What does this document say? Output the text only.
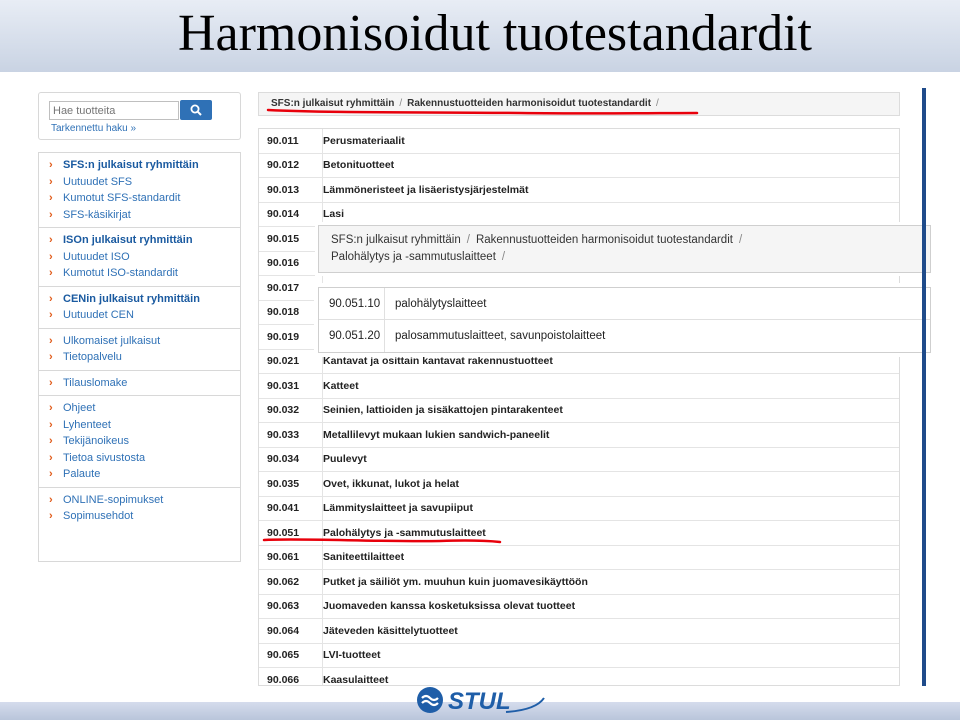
Harmonisoidut tuotestandardit
Hae tuotteita
Tarkennettu haku »
› SFS:n julkaisut ryhmittäin
› Uutuudet SFS
› Kumotut SFS-standardit
› SFS-käsikirjat
› ISOn julkaisut ryhmittäin
› Uutuudet ISO
› Kumotut ISO-standardit
› CENin julkaisut ryhmittäin
› Uutuudet CEN
› Ulkomaiset julkaisut
› Tietopalvelu
› Tilauslomake
› Ohjeet
› Lyhenteet
› Tekijänoikeus
› Tietoa sivustosta
› Palaute
› ONLINE-sopimukset
› Sopimusehdot
SFS:n julkaisut ryhmittäin / Rakennustuotteiden harmonisoidut tuotestandardit /
90.011	Perusmateriaalit
90.012	Betonituotteet
90.013	Lämmöneristeet ja lisäeristysjärjestelmät
90.014	Lasi
90.015
90.016
90.017
90.018
90.019
90.021	Kantavat ja osittain kantavat rakennustuotteet
90.031	Katteet
90.032	Seinien, lattioiden ja sisäkattojen pintarakenteet
90.033	Metallilevyt mukaan lukien sandwich-paneelit
90.034	Puulevyt
90.035	Ovet, ikkunat, lukot ja helat
90.041	Lämmityslaitteet ja savupiiput
90.051	Palohälytys ja -sammutuslaitteet
90.061	Saniteettilaitteet
90.062	Putket ja säiliöt ym. muuhun kuin juomavesikäyttöön
90.063	Juomaveden kanssa kosketuksissa olevat tuotteet
90.064	Jäteveden käsittelytuotteet
90.065	LVI-tuotteet
90.066	Kaasulaitteet
SFS:n julkaisut ryhmittäin / Rakennustuotteiden harmonisoidut tuotestandardit /
Palohälytys ja -sammutuslaitteet /
90.051.10	palohälytyslaitteet
90.051.20	palosammutuslaitteet, savunpoistolaitteet
STUL
